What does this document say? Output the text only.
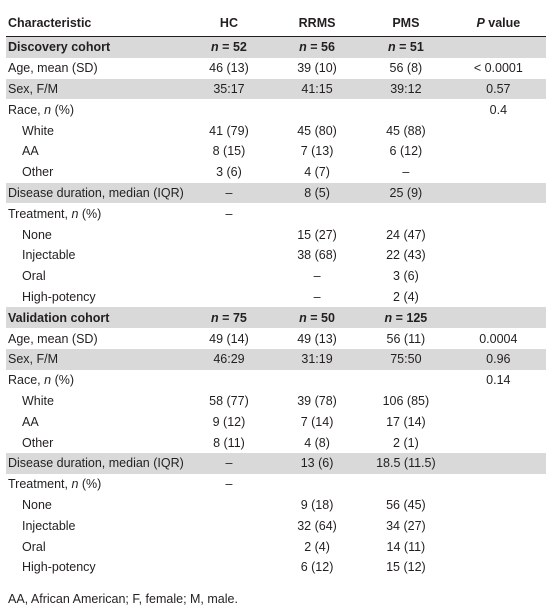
Characteristic	HC	RRMS	PMS	P value
Discovery cohort	n = 52	n = 56	n = 51	
Age, mean (SD)	46 (13)	39 (10)	56 (8)	< 0.0001
Sex, F/M	35:17	41:15	39:12	0.57
Race, n (%)				0.4
White	41 (79)	45 (80)	45 (88)	
AA	8 (15)	7 (13)	6 (12)	
Other	3 (6)	4 (7)	–	
Disease duration, median (IQR)	–	8 (5)	25 (9)	
Treatment, n (%)	–			
None		15 (27)	24 (47)	
Injectable		38 (68)	22 (43)	
Oral		–	3 (6)	
High-potency		–	2 (4)	
Validation cohort	n = 75	n = 50	n = 125	
Age, mean (SD)	49 (14)	49 (13)	56 (11)	0.0004
Sex, F/M	46:29	31:19	75:50	0.96
Race, n (%)				0.14
White	58 (77)	39 (78)	106 (85)	
AA	9 (12)	7 (14)	17 (14)	
Other	8 (11)	4 (8)	2 (1)	
Disease duration, median (IQR)	–	13 (6)	18.5 (11.5)	
Treatment, n (%)	–			
None		9 (18)	56 (45)	
Injectable		32 (64)	34 (27)	
Oral		2 (4)	14 (11)	
High-potency		6 (12)	15 (12)	
AA, African American; F, female; M, male.
